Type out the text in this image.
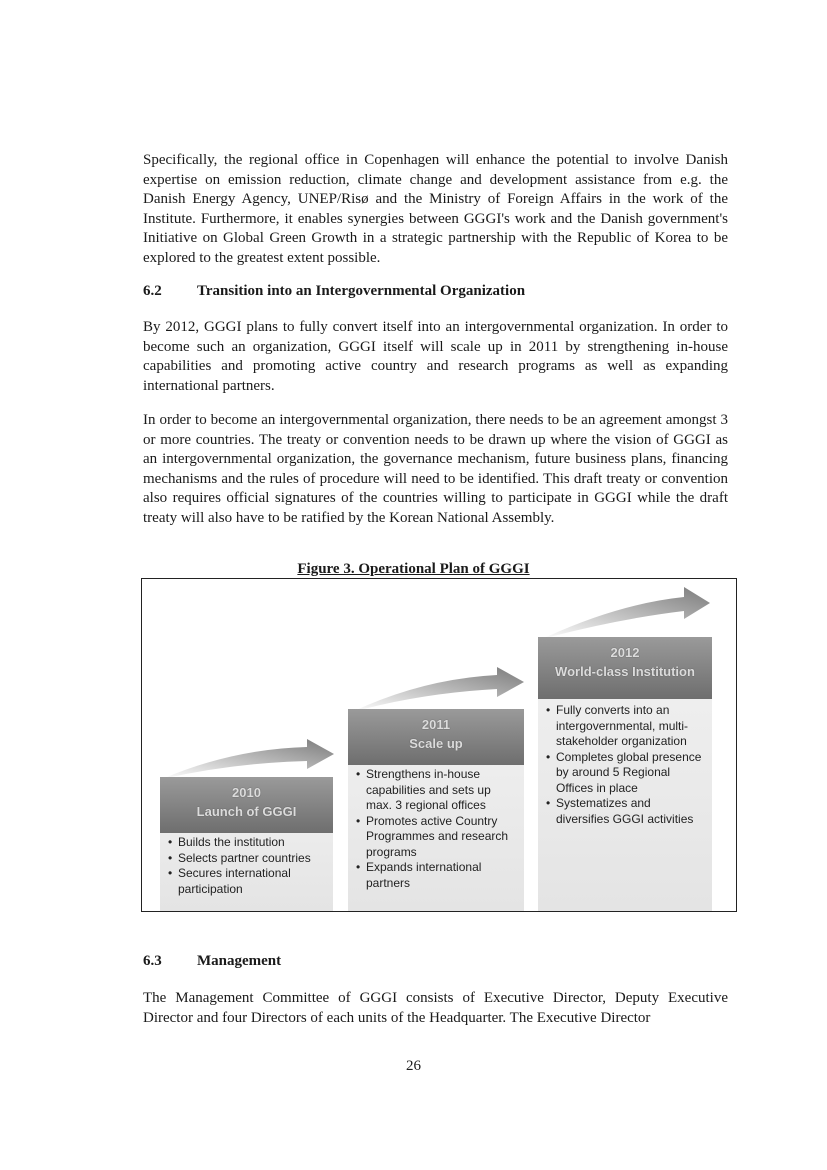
Specifically, the regional office in Copenhagen will enhance the potential to involve Danish expertise on emission reduction, climate change and development assistance from e.g. the Danish Energy Agency, UNEP/Risø and the Ministry of Foreign Affairs in the work of the Institute. Furthermore, it enables synergies between GGGI's work and the Danish government's Initiative on Global Green Growth in a strategic partnership with the Republic of Korea to be explored to the greatest extent possible.

6.2 Transition into an Intergovernmental Organization

By 2012, GGGI plans to fully convert itself into an intergovernmental organization. In order to become such an organization, GGGI itself will scale up in 2011 by strengthening in-house capabilities and promoting active country and research programs as well as expanding international partners.

In order to become an intergovernmental organization, there needs to be an agreement amongst 3 or more countries. The treaty or convention needs to be drawn up where the vision of GGGI as an intergovernmental organization, the governance mechanism, future business plans, financing mechanisms and the rules of procedure will need to be identified. This draft treaty or convention also requires official signatures of the countries willing to participate in GGGI while the draft treaty will also have to be ratified by the Korean National Assembly.

Figure 3. Operational Plan of GGGI
2010
Launch of GGGI
• Builds the institution
• Selects partner countries
• Secures international participation
2011
Scale up
• Strengthens in-house capabilities and sets up max. 3 regional offices
• Promotes active Country Programmes and research programs
• Expands international partners
2012
World-class Institution
• Fully converts into an intergovernmental, multi-stakeholder organization
• Completes global presence by around 5 Regional Offices in place
• Systematizes and diversifies GGGI activities
6.3 Management

The Management Committee of GGGI consists of Executive Director, Deputy Executive Director and four Directors of each units of the Headquarter. The Executive Director

26
